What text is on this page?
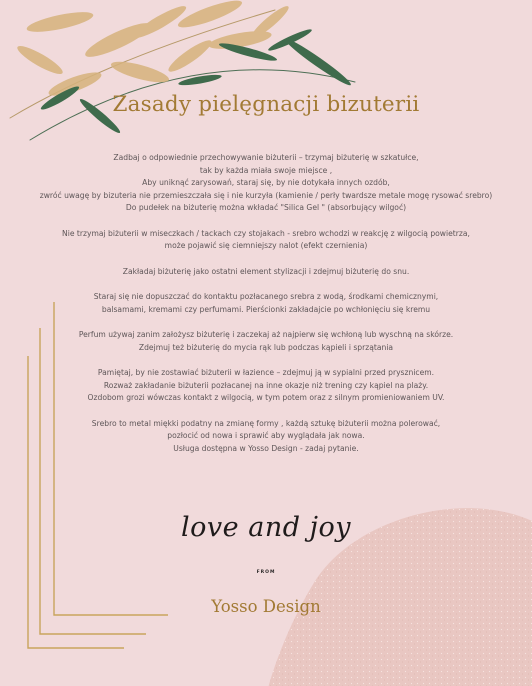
Zasady pielęgnacji bizuterii

Zadbaj o odpowiednie przechowywanie biżuterii – trzymaj biżuterię w szkatułce,
tak by każda miała swoje miejsce ,
Aby uniknąć zarysowań, staraj się, by nie dotykała innych ozdób,
zwróć uwagę by bizuteria nie przemieszczała się i nie kurzyła (kamienie / perły twardsze metale mogę rysować srebro)
Do pudełek na biżuterię można wkładać "Silica Gel " (absorbujący wilgoć)

Nie trzymaj biżuterii w miseczkach / tackach czy stojakach - srebro wchodzi w reakcję z wilgocią powietrza,
może pojawić się ciemniejszy nalot (efekt czernienia)

Zakładaj biżuterię jako ostatni element stylizacji i zdejmuj biżuterię do snu.

Staraj się nie dopuszczać do kontaktu pozłacanego srebra z wodą, środkami chemicznymi,
balsamami, kremami czy perfumami. Pierścionki zakładajcie po wchłonięciu się kremu

Perfum używaj zanim założysz biżuterię i zaczekaj aż najpierw się wchłoną lub wyschną na skórze.
Zdejmuj też biżuterię do mycia rąk lub podczas kąpieli i sprzątania

Pamiętaj, by nie zostawiać biżuterii w łazience – zdejmuj ją w sypialni przed prysznicem.
Rozważ zakładanie biżuterii pozłacanej na inne okazje niż trening czy kąpiel na plaży.
Ozdobom grozi wówczas kontakt z wilgocią, w tym potem oraz z silnym promieniowaniem UV.

Srebro to metal miękki podatny na zmianę formy , każdą sztukę biżuterii można polerować,
pozłocić od nowa i sprawić aby wyglądała jak nowa.
Usługa dostępna w Yosso Design - zadaj pytanie.

love and joy
FROM
Yosso Design
